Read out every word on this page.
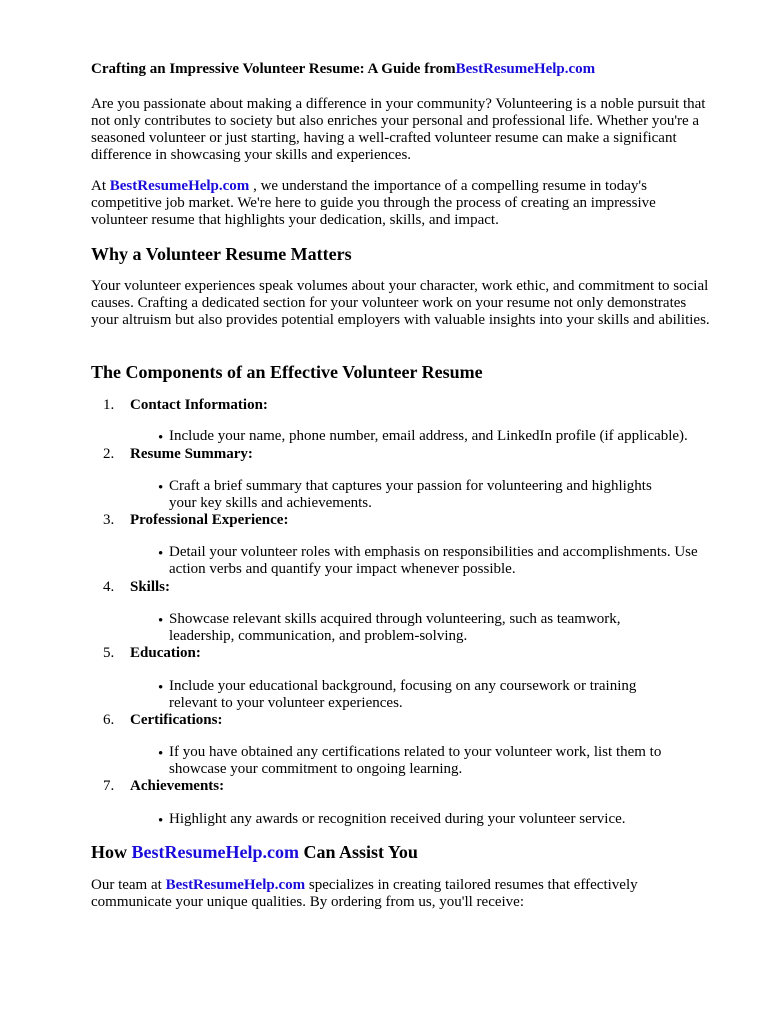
Crafting an Impressive Volunteer Resume: A Guide fromBestResumeHelp.com

Are you passionate about making a difference in your community? Volunteering is a noble pursuit that not only contributes to society but also enriches your personal and professional life. Whether you're a seasoned volunteer or just starting, having a well-crafted volunteer resume can make a significant difference in showcasing your skills and experiences.

At BestResumeHelp.com , we understand the importance of a compelling resume in today's competitive job market. We're here to guide you through the process of creating an impressive volunteer resume that highlights your dedication, skills, and impact.

Why a Volunteer Resume Matters

Your volunteer experiences speak volumes about your character, work ethic, and commitment to social causes. Crafting a dedicated section for your volunteer work on your resume not only demonstrates your altruism but also provides potential employers with valuable insights into your skills and abilities.

The Components of an Effective Volunteer Resume
1.	Contact Information:
• Include your name, phone number, email address, and LinkedIn profile (if applicable).
2.	Resume Summary:
• Craft a brief summary that captures your passion for volunteering and highlights your key skills and achievements.
3.	Professional Experience:
• Detail your volunteer roles with emphasis on responsibilities and accomplishments. Use action verbs and quantify your impact whenever possible.
4.	Skills:
• Showcase relevant skills acquired through volunteering, such as teamwork, leadership, communication, and problem-solving.
5.	Education:
• Include your educational background, focusing on any coursework or training relevant to your volunteer experiences.
6.	Certifications:
• If you have obtained any certifications related to your volunteer work, list them to showcase your commitment to ongoing learning.
7.	Achievements:
• Highlight any awards or recognition received during your volunteer service.
How BestResumeHelp.com Can Assist You

Our team at BestResumeHelp.com specializes in creating tailored resumes that effectively communicate your unique qualities. By ordering from us, you'll receive:
